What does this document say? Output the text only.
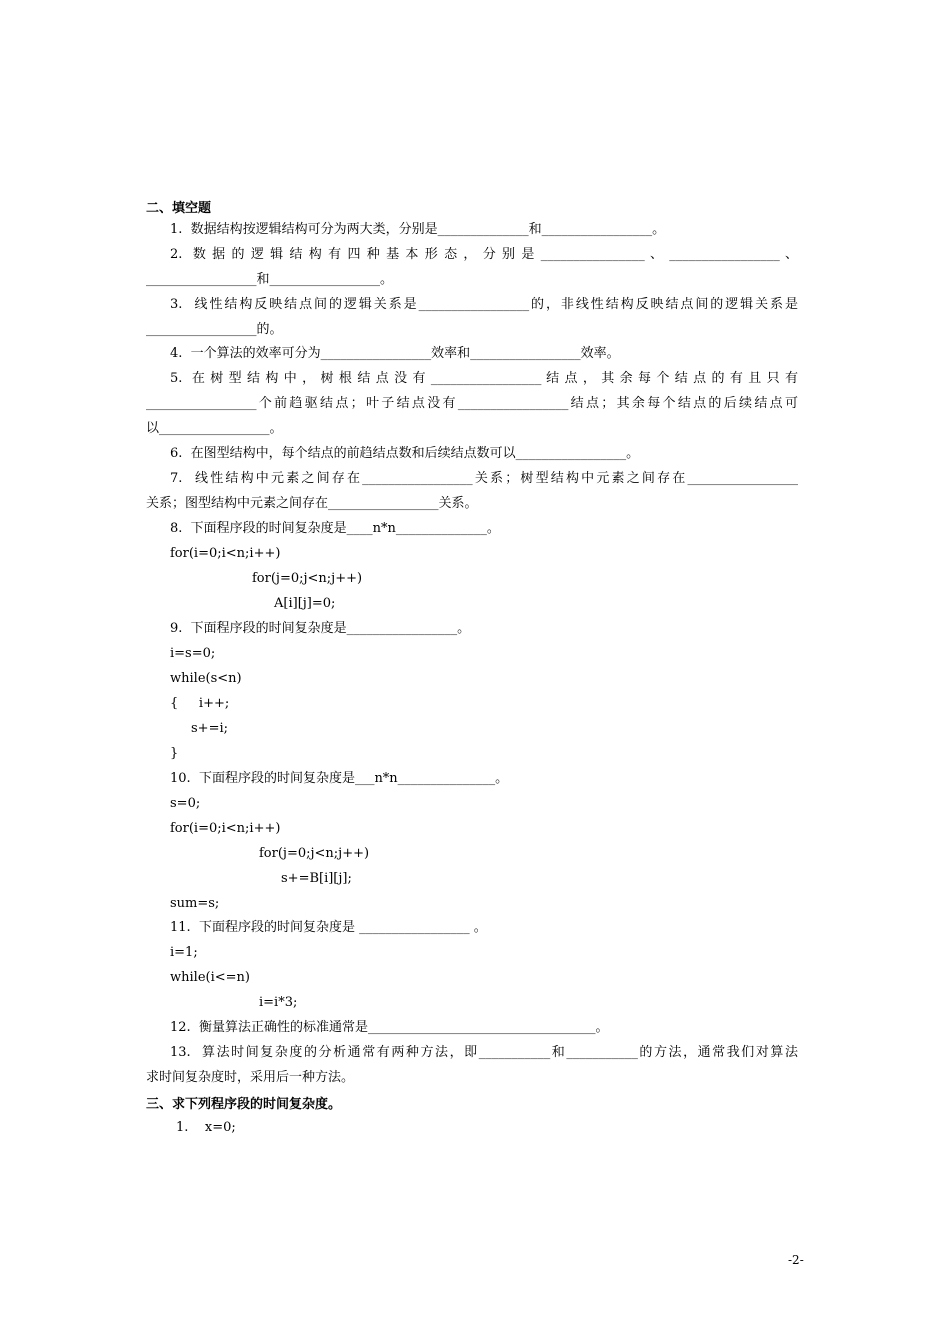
二、填空题
1.  数据结构按逻辑结构可分为两大类，分别是______________和_________________。
2.  数 据 的 逻 辑 结 构 有 四 种 基 本 形 态 ， 分 别 是 ________________ 、 _________________ 、
_________________和_________________。
3.  线性结构反映结点间的逻辑关系是_________________的，非线性结构反映结点间的逻辑关系是
_________________的。
4.  一个算法的效率可分为_________________效率和_________________效率。
5.  在 树 型 结 构 中 ， 树 根 结 点 没 有 _________________ 结 点 ， 其 余 每 个 结 点 的 有 且 只 有
_________________个前趋驱结点；叶子结点没有_________________结点；其余每个结点的后续结点可
以_________________。
6.  在图型结构中，每个结点的前趋结点数和后续结点数可以_________________。
7.  线性结构中元素之间存在_________________关系；树型结构中元素之间存在_________________
关系；图型结构中元素之间存在_________________关系。
8.  下面程序段的时间复杂度是____n*n______________。
for(i=0;i<n;i++)
for(j=0;j<n;j++)
A[i][j]=0;
9.  下面程序段的时间复杂度是_________________。
i=s=0;
while(s<n)
{     i++;
s+=i;
}
10.  下面程序段的时间复杂度是___n*n_______________。
s=0;
for(i=0;i<n;i++)
for(j=0;j<n;j++)
s+=B[i][j];
sum=s;
11.  下面程序段的时间复杂度是 _________________ 。
i=1;
while(i<=n)
i=i*3;
12.  衡量算法正确性的标准通常是___________________________________。
13.  算法时间复杂度的分析通常有两种方法，即___________和___________的方法，通常我们对算法
求时间复杂度时，采用后一种方法。
三、求下列程序段的时间复杂度。
1.    x=0;
-2-
